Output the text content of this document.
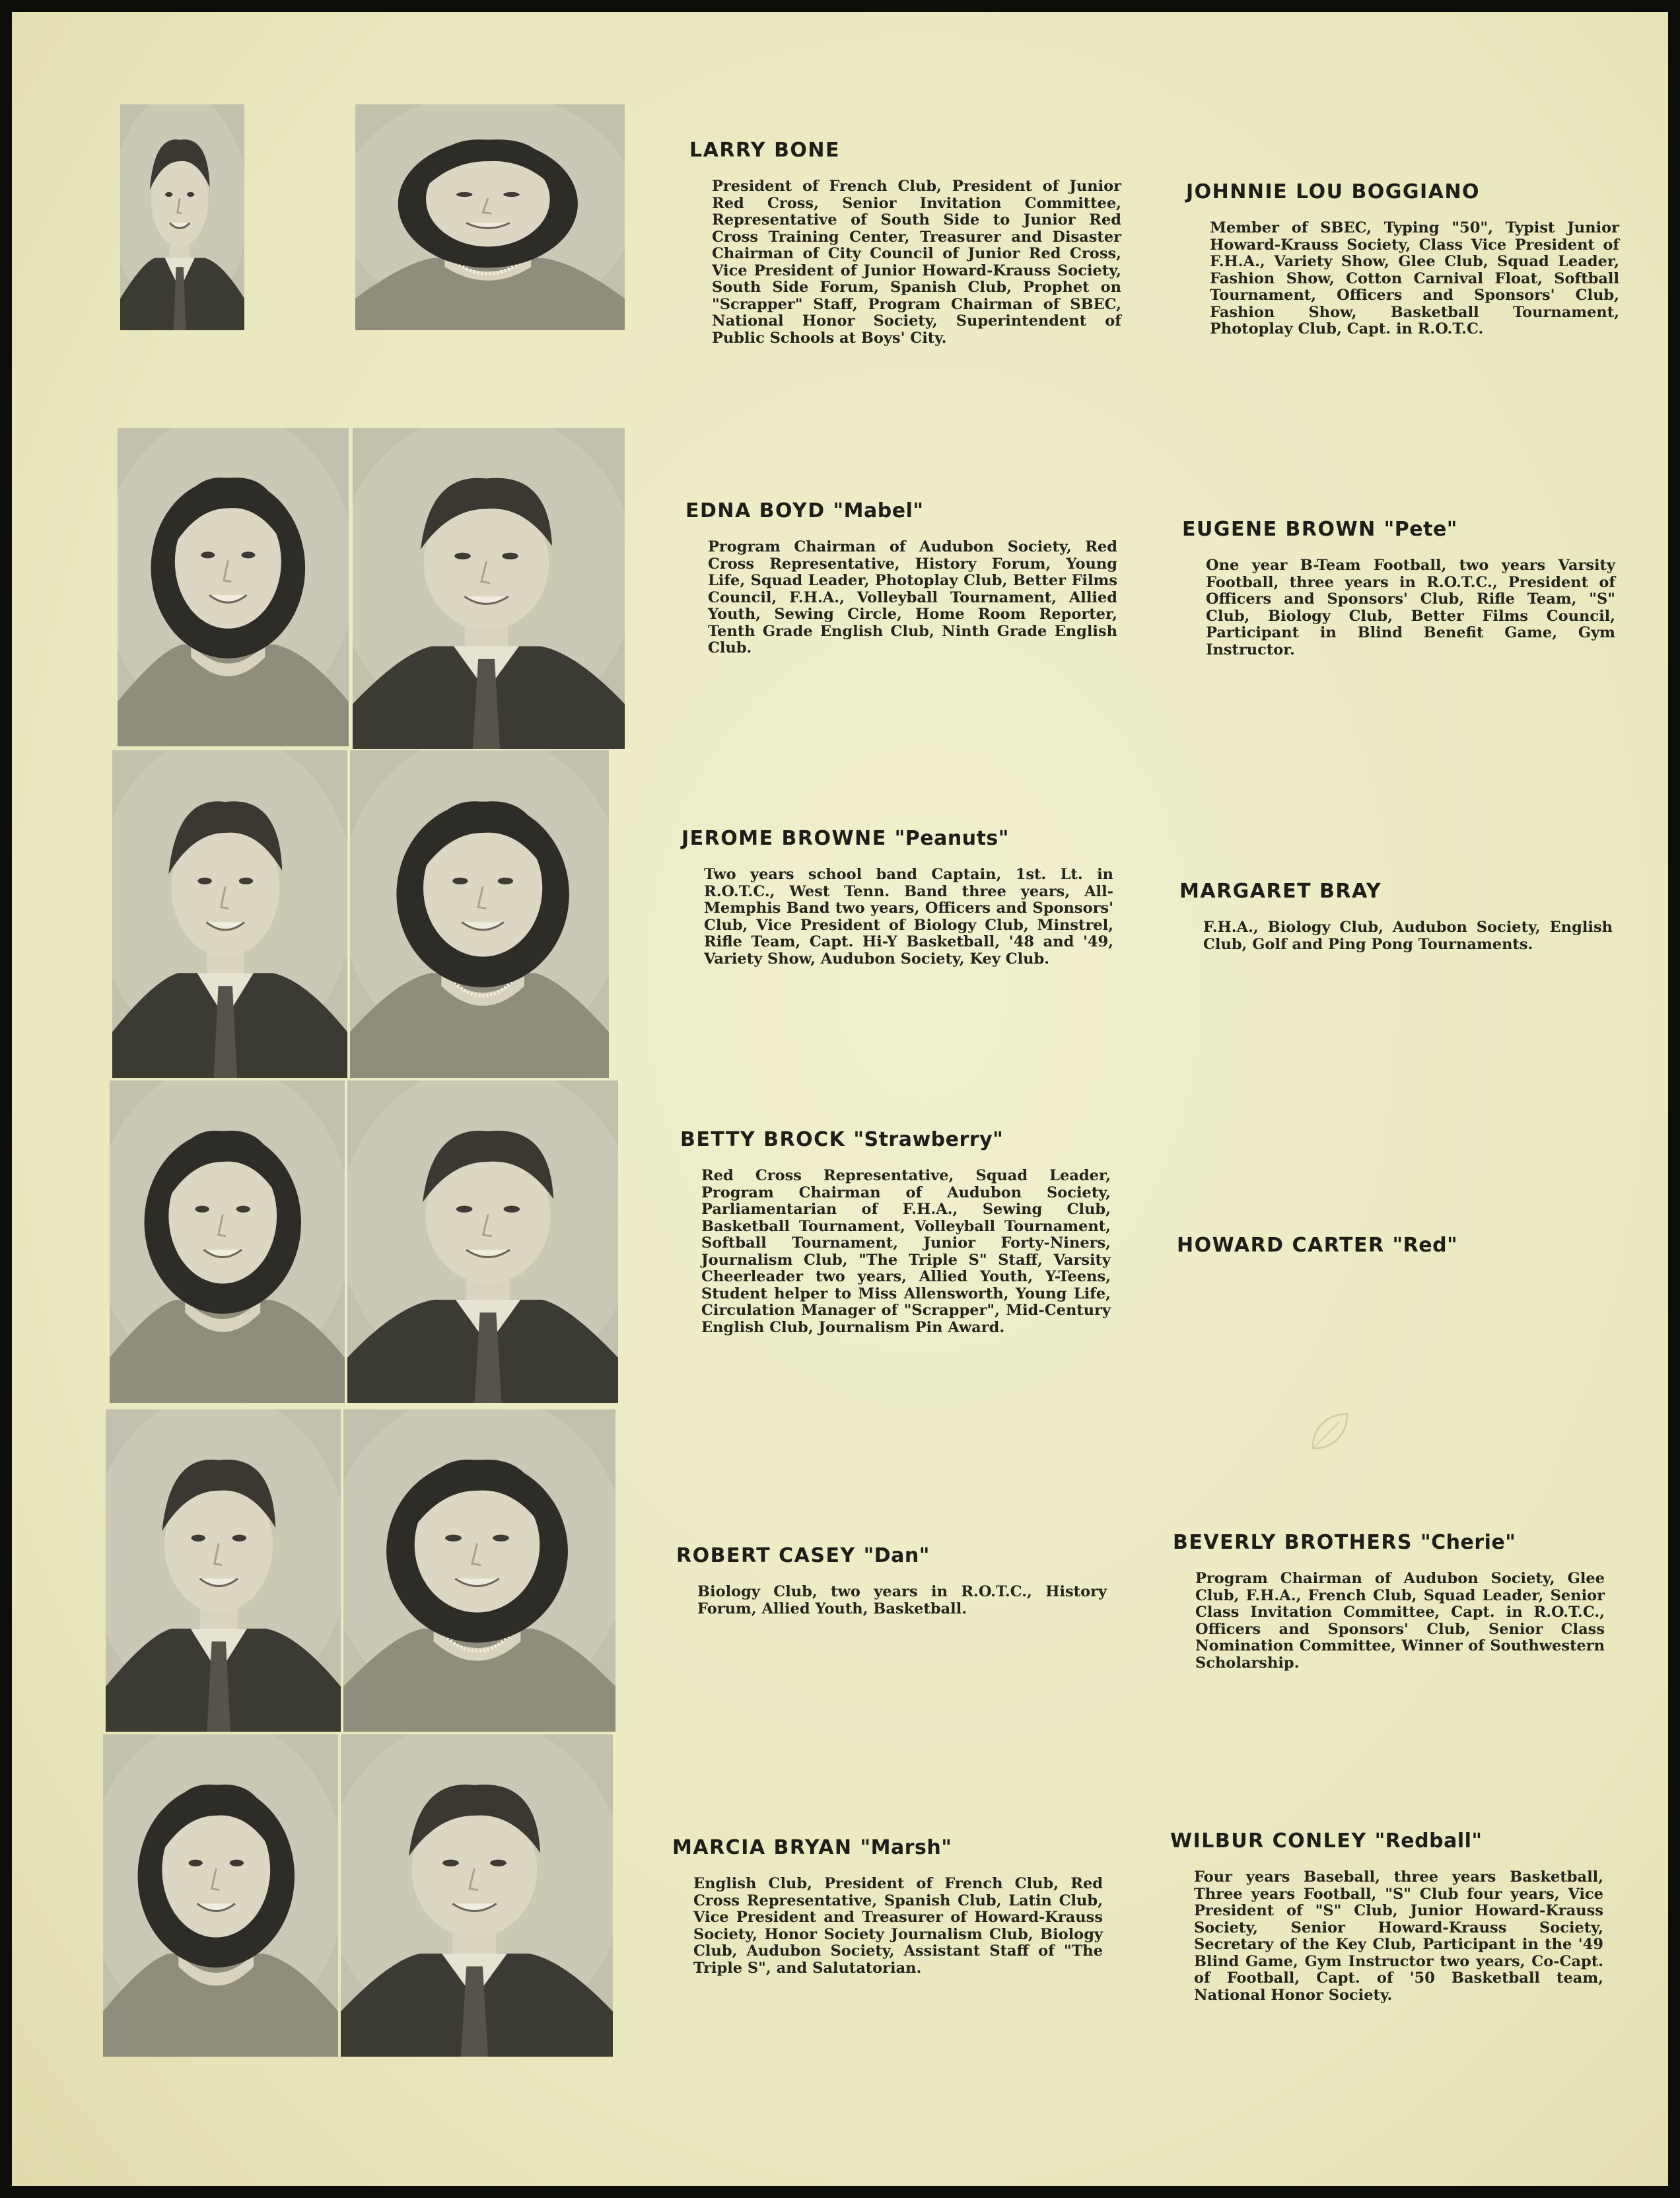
LARRY BONE

President of French Club, President of Junior Red Cross, Senior Invitation Committee, Representative of South Side to Junior Red Cross Training Center, Treasurer and Disaster Chairman of City Council of Junior Red Cross, Vice President of Junior Howard-Krauss Society, South Side Forum, Spanish Club, Prophet on "Scrapper" Staff, Program Chairman of SBEC, National Honor Society, Superintendent of Public Schools at Boys' City.

JOHNNIE LOU BOGGIANO

Member of SBEC, Typing "50", Typist Junior Howard-Krauss Society, Class Vice President of F.H.A., Variety Show, Glee Club, Squad Leader, Fashion Show, Cotton Carnival Float, Softball Tournament, Officers and Sponsors' Club, Fashion Show, Basketball Tournament, Photoplay Club, Capt. in R.O.T.C.

EDNA BOYD "Mabel"

Program Chairman of Audubon Society, Red Cross Representative, History Forum, Young Life, Squad Leader, Photoplay Club, Better Films Council, F.H.A., Volleyball Tournament, Allied Youth, Sewing Circle, Home Room Reporter, Tenth Grade English Club, Ninth Grade English Club.

EUGENE BROWN "Pete"

One year B-Team Football, two years Varsity Football, three years in R.O.T.C., President of Officers and Sponsors' Club, Rifle Team, "S" Club, Biology Club, Better Films Council, Participant in Blind Benefit Game, Gym Instructor.

JEROME BROWNE "Peanuts"

Two years school band Captain, 1st. Lt. in R.O.T.C., West Tenn. Band three years, All-Memphis Band two years, Officers and Sponsors' Club, Vice President of Biology Club, Minstrel, Rifle Team, Capt. Hi-Y Basketball, '48 and '49, Variety Show, Audubon Society, Key Club.

MARGARET BRAY

F.H.A., Biology Club, Audubon Society, English Club, Golf and Ping Pong Tournaments.

BETTY BROCK "Strawberry"

Red Cross Representative, Squad Leader, Program Chairman of Audubon Society, Parliamentarian of F.H.A., Sewing Club, Basketball Tournament, Volleyball Tournament, Softball Tournament, Junior Forty-Niners, Journalism Club, "The Triple S" Staff, Varsity Cheerleader two years, Allied Youth, Y-Teens, Student helper to Miss Allensworth, Young Life, Circulation Manager of "Scrapper", Mid-Century English Club, Journalism Pin Award.

HOWARD CARTER "Red"

ROBERT CASEY "Dan"

Biology Club, two years in R.O.T.C., History Forum, Allied Youth, Basketball.

BEVERLY BROTHERS "Cherie"

Program Chairman of Audubon Society, Glee Club, F.H.A., French Club, Squad Leader, Senior Class Invitation Committee, Capt. in R.O.T.C., Officers and Sponsors' Club, Senior Class Nomination Committee, Winner of Southwestern Scholarship.

MARCIA BRYAN "Marsh"

English Club, President of French Club, Red Cross Representative, Spanish Club, Latin Club, Vice President and Treasurer of Howard-Krauss Society, Honor Society Journalism Club, Biology Club, Audubon Society, Assistant Staff of "The Triple S", and Salutatorian.

WILBUR CONLEY "Redball"

Four years Baseball, three years Basketball, Three years Football, "S" Club four years, Vice President of "S" Club, Junior Howard-Krauss Society, Senior Howard-Krauss Society, Secretary of the Key Club, Participant in the '49 Blind Game, Gym Instructor two years, Co-Capt. of Football, Capt. of '50 Basketball team, National Honor Society.
